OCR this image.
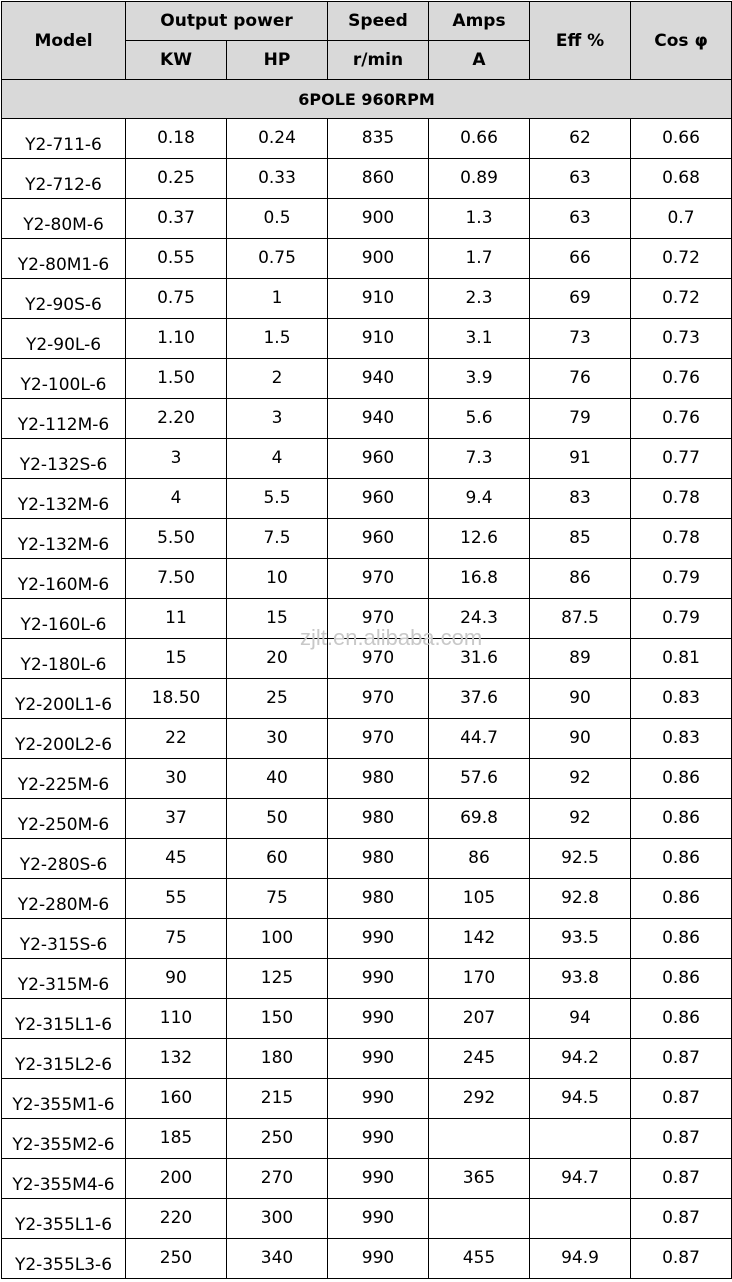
Model	Output power		Speed	Amps	Eff %	Cos φ
	KW	HP	r/min	A		
6POLE 960RPM						
Y2-711-6	0.18	0.24	835	0.66	62	0.66
Y2-712-6	0.25	0.33	860	0.89	63	0.68
Y2-80M-6	0.37	0.5	900	1.3	63	0.7
Y2-80M1-6	0.55	0.75	900	1.7	66	0.72
Y2-90S-6	0.75	1	910	2.3	69	0.72
Y2-90L-6	1.10	1.5	910	3.1	73	0.73
Y2-100L-6	1.50	2	940	3.9	76	0.76
Y2-112M-6	2.20	3	940	5.6	79	0.76
Y2-132S-6	3	4	960	7.3	91	0.77
Y2-132M-6	4	5.5	960	9.4	83	0.78
Y2-132M-6	5.50	7.5	960	12.6	85	0.78
Y2-160M-6	7.50	10	970	16.8	86	0.79
Y2-160L-6	11	15	970	24.3	87.5	0.79
Y2-180L-6	15	20	970	31.6	89	0.81
Y2-200L1-6	18.50	25	970	37.6	90	0.83
Y2-200L2-6	22	30	970	44.7	90	0.83
Y2-225M-6	30	40	980	57.6	92	0.86
Y2-250M-6	37	50	980	69.8	92	0.86
Y2-280S-6	45	60	980	86	92.5	0.86
Y2-280M-6	55	75	980	105	92.8	0.86
Y2-315S-6	75	100	990	142	93.5	0.86
Y2-315M-6	90	125	990	170	93.8	0.86
Y2-315L1-6	110	150	990	207	94	0.86
Y2-315L2-6	132	180	990	245	94.2	0.87
Y2-355M1-6	160	215	990	292	94.5	0.87
Y2-355M2-6	185	250	990			0.87
Y2-355M4-6	200	270	990	365	94.7	0.87
Y2-355L1-6	220	300	990			0.87
Y2-355L3-6	250	340	990	455	94.9	0.87
zjlt.en.alibaba.com
